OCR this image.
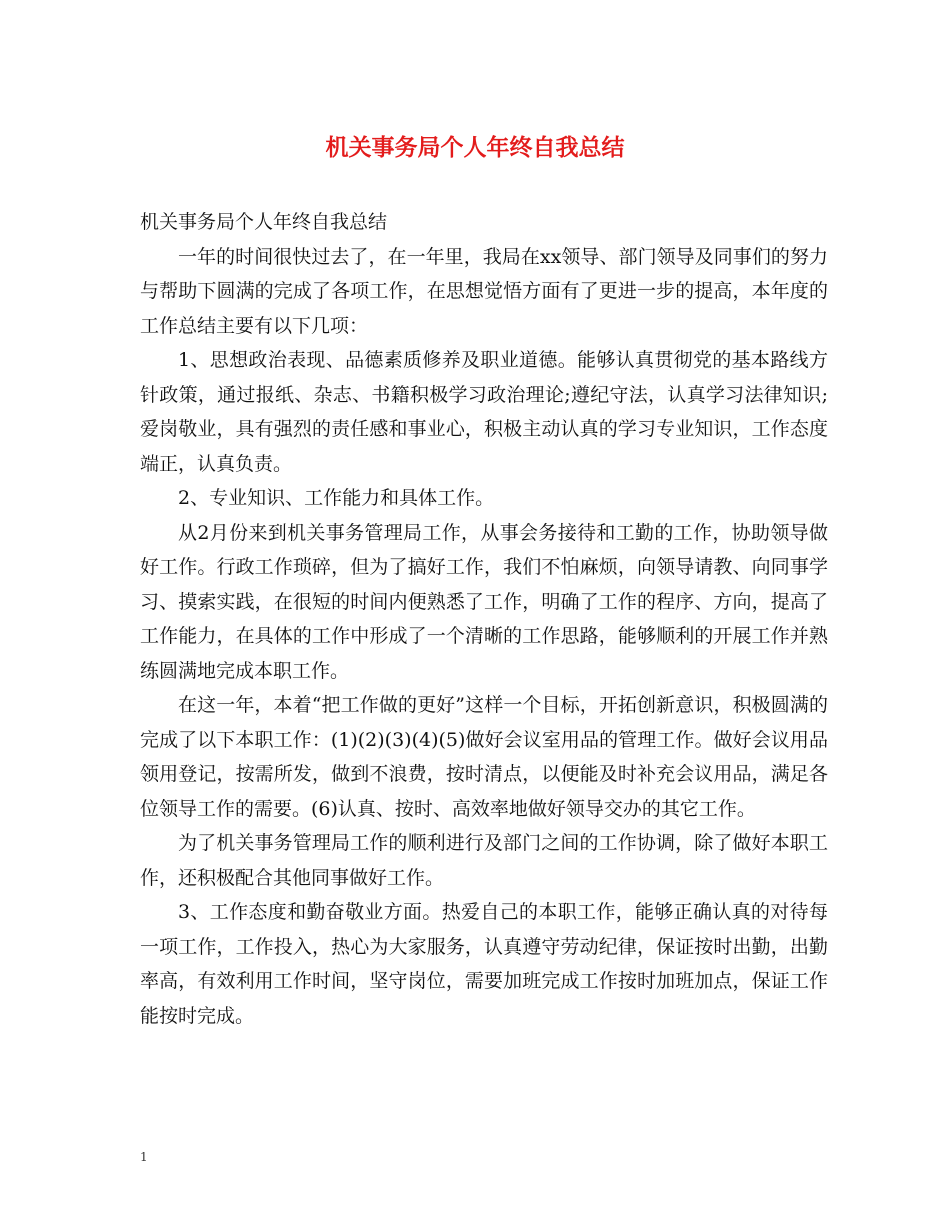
机关事务局个人年终自我总结

机关事务局个人年终自我总结

一年的时间很快过去了，在一年里，我局在xx领导、部门领导及同事们的努力与帮助下圆满的完成了各项工作，在思想觉悟方面有了更进一步的提高，本年度的工作总结主要有以下几项：

1、思想政治表现、品德素质修养及职业道德。能够认真贯彻党的基本路线方针政策，通过报纸、杂志、书籍积极学习政治理论;遵纪守法，认真学习法律知识;爱岗敬业，具有强烈的责任感和事业心，积极主动认真的学习专业知识，工作态度端正，认真负责。

2、专业知识、工作能力和具体工作。

从2月份来到机关事务管理局工作，从事会务接待和工勤的工作，协助领导做好工作。行政工作琐碎，但为了搞好工作，我们不怕麻烦，向领导请教、向同事学习、摸索实践，在很短的时间内便熟悉了工作，明确了工作的程序、方向，提高了工作能力，在具体的工作中形成了一个清晰的工作思路，能够顺利的开展工作并熟练圆满地完成本职工作。

在这一年，本着“把工作做的更好”这样一个目标，开拓创新意识，积极圆满的完成了以下本职工作：(1)(2)(3)(4)(5)做好会议室用品的管理工作。做好会议用品领用登记，按需所发，做到不浪费，按时清点，以便能及时补充会议用品，满足各位领导工作的需要。(6)认真、按时、高效率地做好领导交办的其它工作。

为了机关事务管理局工作的顺利进行及部门之间的工作协调，除了做好本职工作，还积极配合其他同事做好工作。

3、工作态度和勤奋敬业方面。热爱自己的本职工作，能够正确认真的对待每一项工作，工作投入，热心为大家服务，认真遵守劳动纪律，保证按时出勤，出勤率高，有效利用工作时间，坚守岗位，需要加班完成工作按时加班加点，保证工作能按时完成。

1
